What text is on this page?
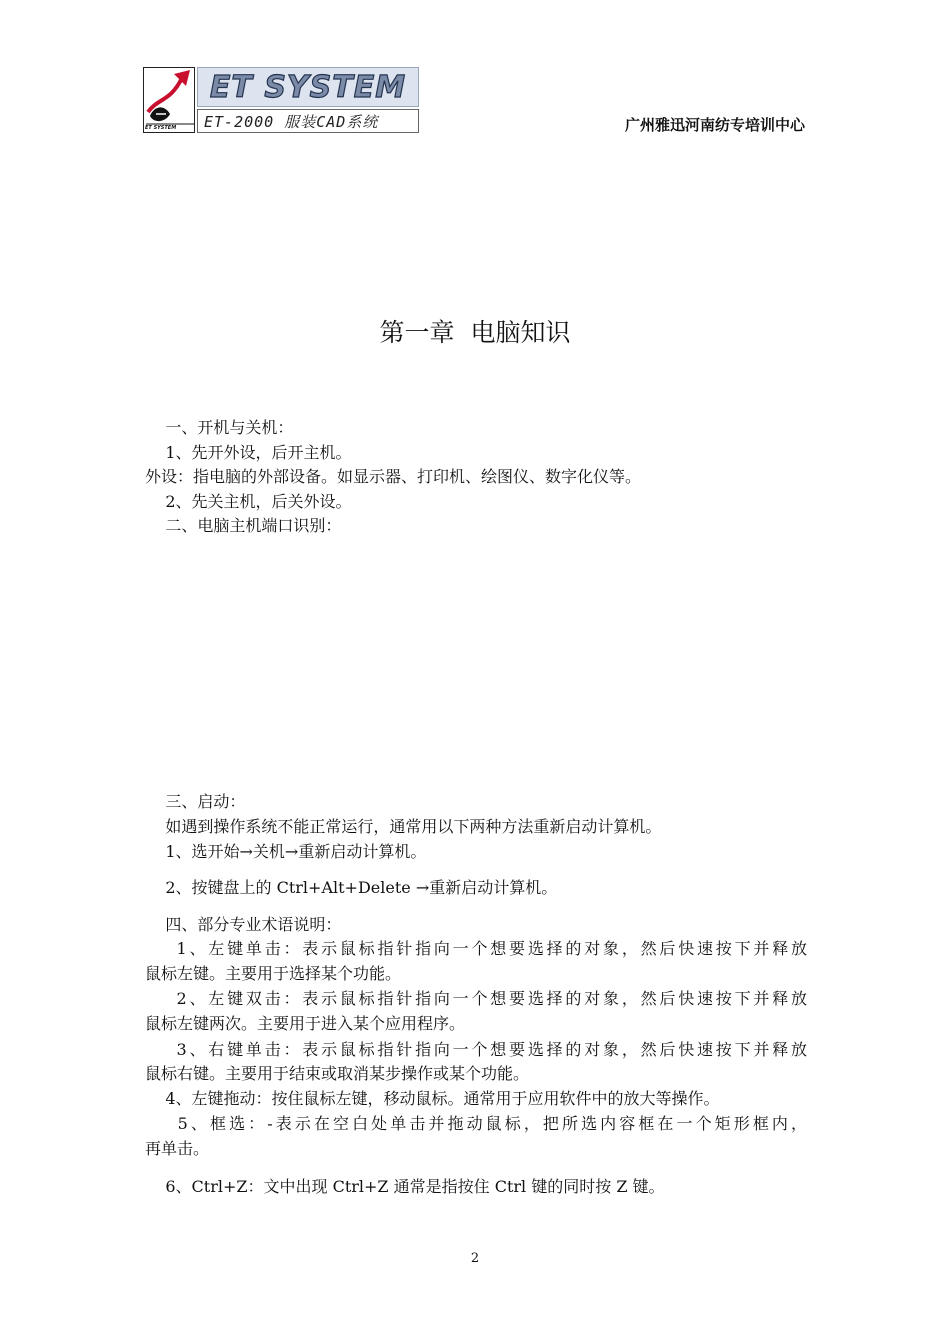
ET SYSTEM
ET SYSTEM
ET-2000 服装CAD系统	广州雅迅河南纺专培训中心
第一章  电脑知识
一、开机与关机：
1、先开外设，后开主机。
外设：指电脑的外部设备。如显示器、打印机、绘图仪、数字化仪等。
2、先关主机，后关外设。
二、电脑主机端口识别：
三、启动：
如遇到操作系统不能正常运行，通常用以下两种方法重新启动计算机。
1、选开始→关机→重新启动计算机。
2、按键盘上的 Ctrl+Alt+Delete →重新启动计算机。
四、部分专业术语说明：
1、左键单击：表示鼠标指针指向一个想要选择的对象，然后快速按下并释放
鼠标左键。主要用于选择某个功能。
2、左键双击：表示鼠标指针指向一个想要选择的对象，然后快速按下并释放
鼠标左键两次。主要用于进入某个应用程序。
3、右键单击：表示鼠标指针指向一个想要选择的对象，然后快速按下并释放
鼠标右键。主要用于结束或取消某步操作或某个功能。
4、左键拖动：按住鼠标左键，移动鼠标。通常用于应用软件中的放大等操作。
5、框选：-表示在空白处单击并拖动鼠标，把所选内容框在一个矩形框内，
再单击。
6、Ctrl+Z：文中出现 Ctrl+Z 通常是指按住 Ctrl 键的同时按 Z 键。
2
